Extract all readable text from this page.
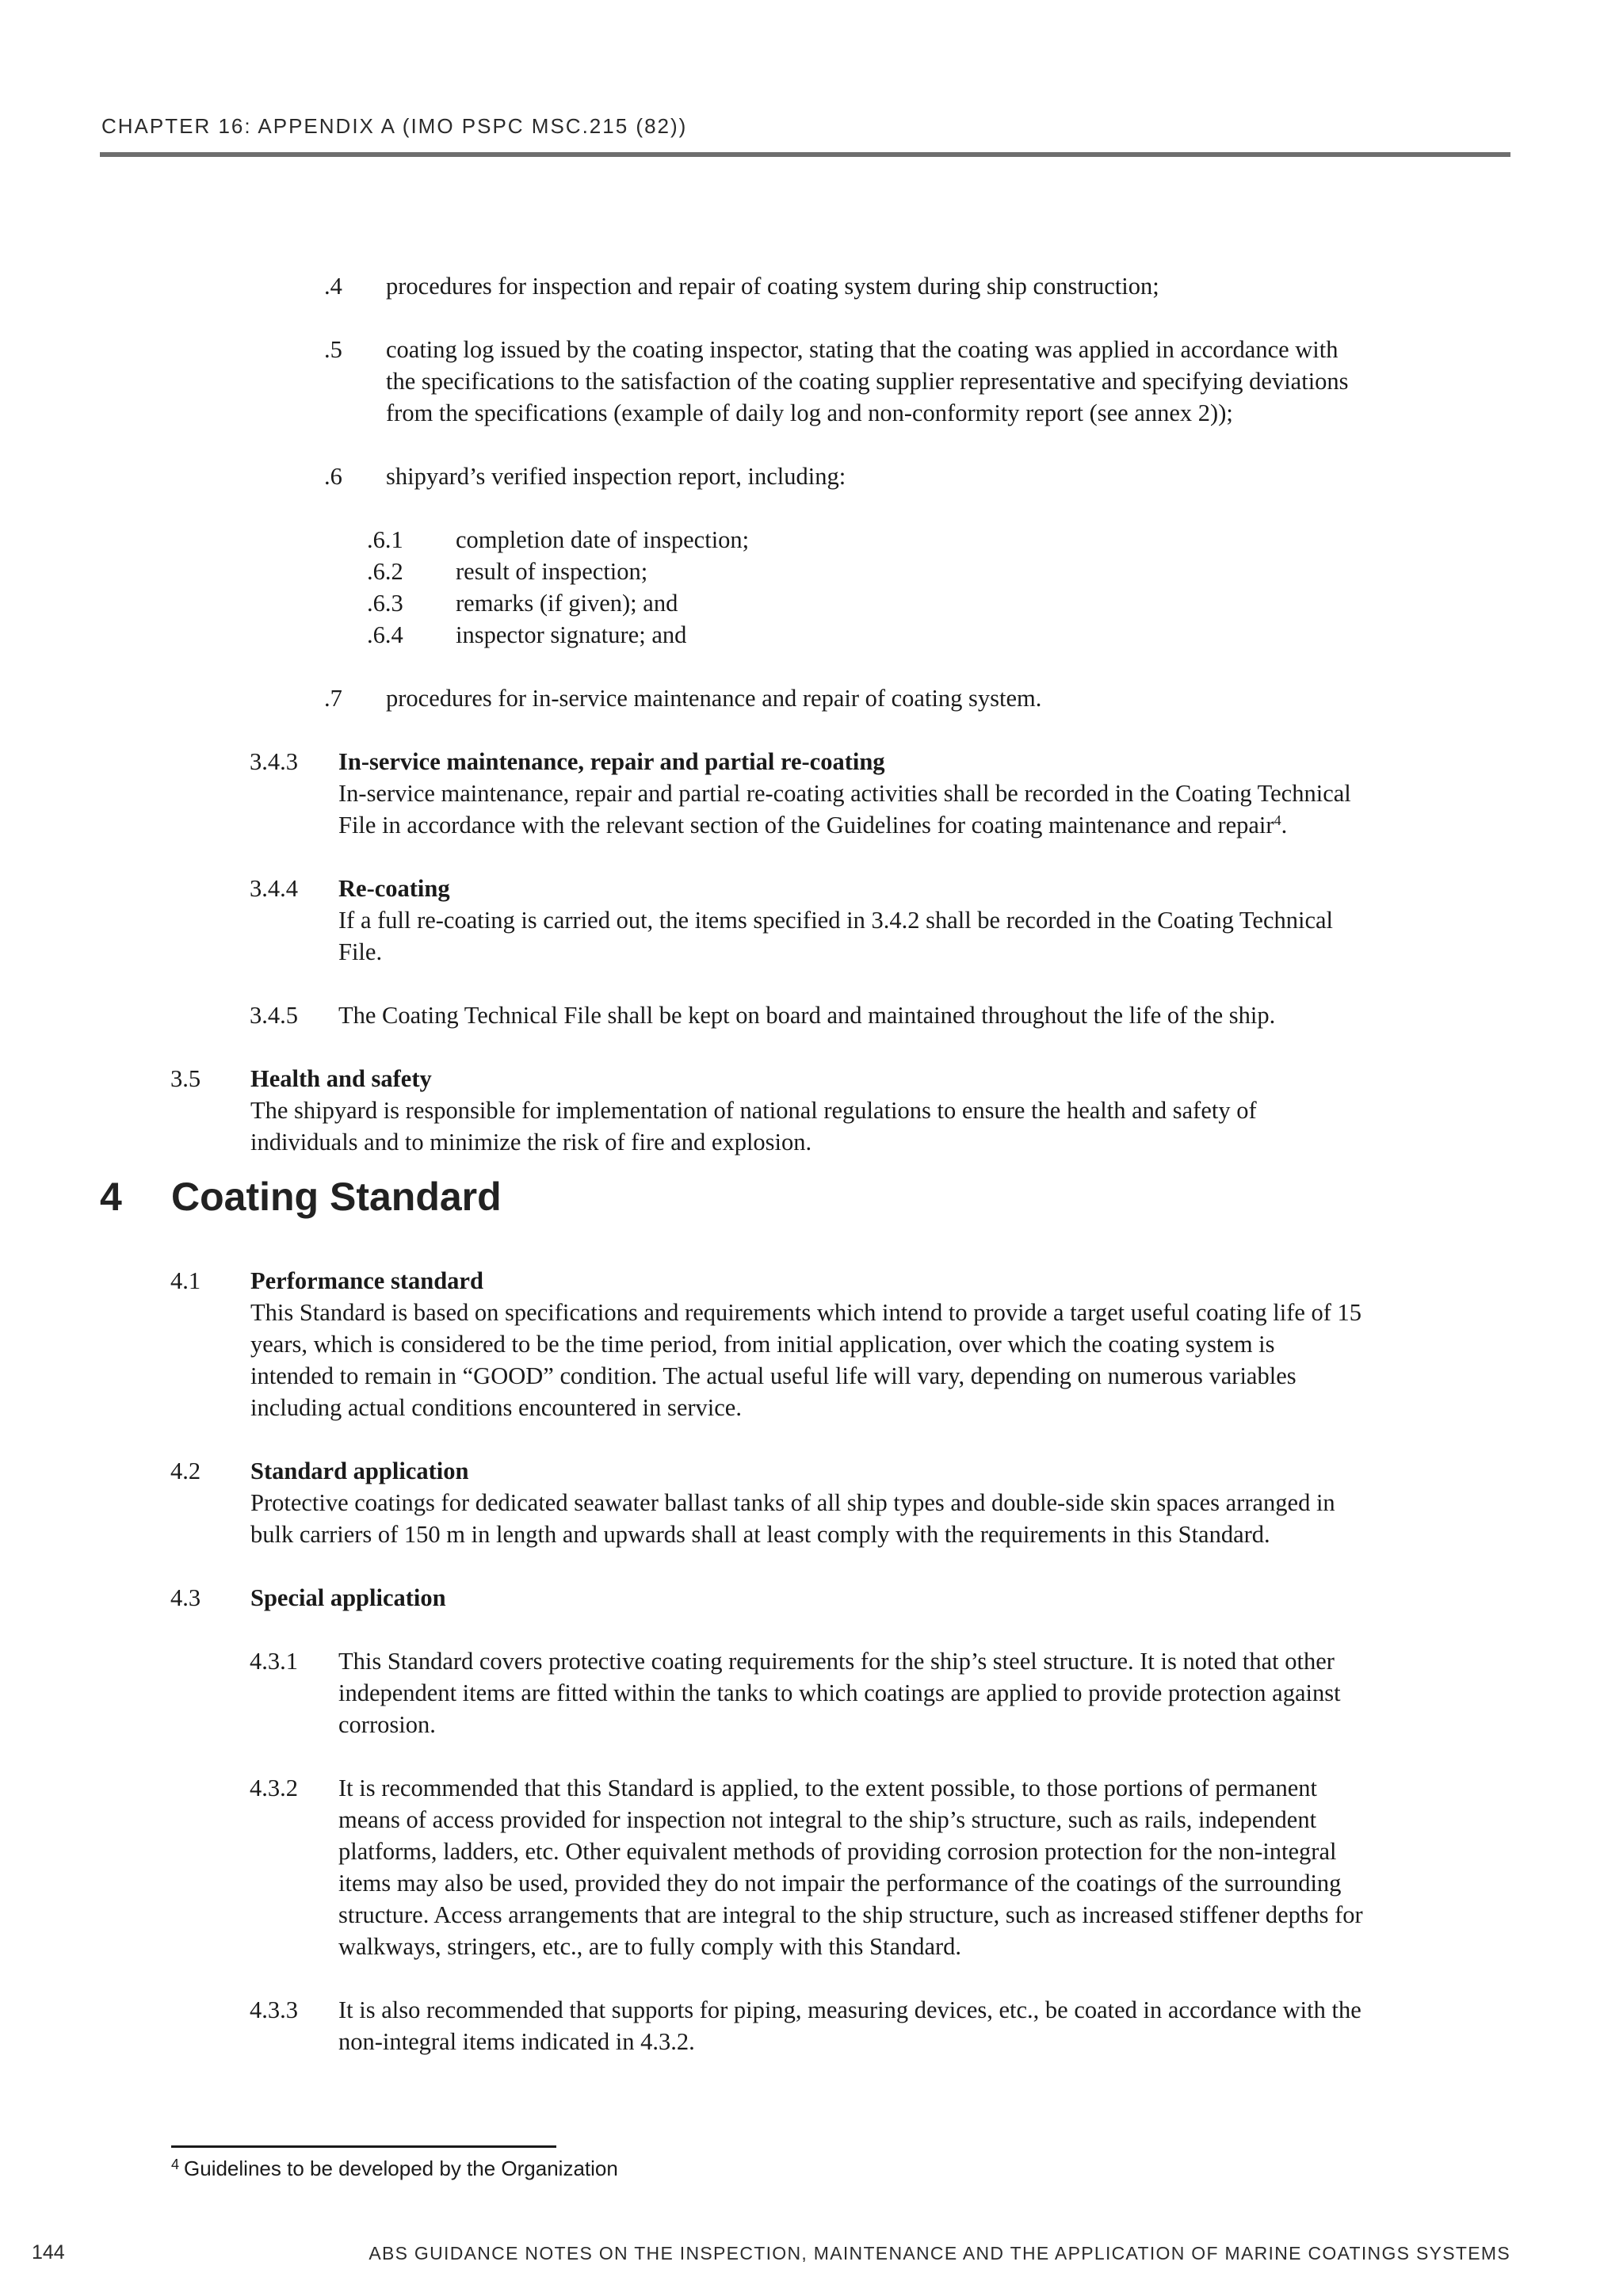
CHAPTER 16: APPENDIX A (IMO PSPC MSC.215 (82))
.4 procedures for inspection and repair of coating system during ship construction;
.5 coating log issued by the coating inspector, stating that the coating was applied in accordance with
the specifications to the satisfaction of the coating supplier representative and specifying deviations
from the specifications (example of daily log and non-conformity report (see annex 2));
.6 shipyard’s verified inspection report, including:
.6.1 completion date of inspection;
.6.2 result of inspection;
.6.3 remarks (if given); and
.6.4 inspector signature; and
.7 procedures for in-service maintenance and repair of coating system.
3.4.3 In-service maintenance, repair and partial re-coating
In-service maintenance, repair and partial re-coating activities shall be recorded in the Coating Technical
File in accordance with the relevant section of the Guidelines for coating maintenance and repair$^4$.
3.4.4 Re-coating
If a full re-coating is carried out, the items specified in 3.4.2 shall be recorded in the Coating Technical
File.
3.4.5 The Coating Technical File shall be kept on board and maintained throughout the life of the ship.
3.5 Health and safety
The shipyard is responsible for implementation of national regulations to ensure the health and safety of
individuals and to minimize the risk of fire and explosion.
4 Coating Standard
4.1 Performance standard
This Standard is based on specifications and requirements which intend to provide a target useful coating life of 15
years, which is considered to be the time period, from initial application, over which the coating system is
intended to remain in “GOOD” condition. The actual useful life will vary, depending on numerous variables
including actual conditions encountered in service.
4.2 Standard application
Protective coatings for dedicated seawater ballast tanks of all ship types and double-side skin spaces arranged in
bulk carriers of 150 m in length and upwards shall at least comply with the requirements in this Standard.
4.3 Special application
4.3.1 This Standard covers protective coating requirements for the ship’s steel structure. It is noted that other
independent items are fitted within the tanks to which coatings are applied to provide protection against
corrosion.
4.3.2 It is recommended that this Standard is applied, to the extent possible, to those portions of permanent
means of access provided for inspection not integral to the ship’s structure, such as rails, independent
platforms, ladders, etc. Other equivalent methods of providing corrosion protection for the non-integral
items may also be used, provided they do not impair the performance of the coatings of the surrounding
structure. Access arrangements that are integral to the ship structure, such as increased stiffener depths for
walkways, stringers, etc., are to fully comply with this Standard.
4.3.3 It is also recommended that supports for piping, measuring devices, etc., be coated in accordance with the
non-integral items indicated in 4.3.2.
$^4$ Guidelines to be developed by the Organization
144	ABS GUIDANCE NOTES ON THE INSPECTION, MAINTENANCE AND THE APPLICATION OF MARINE COATINGS SYSTEMS
